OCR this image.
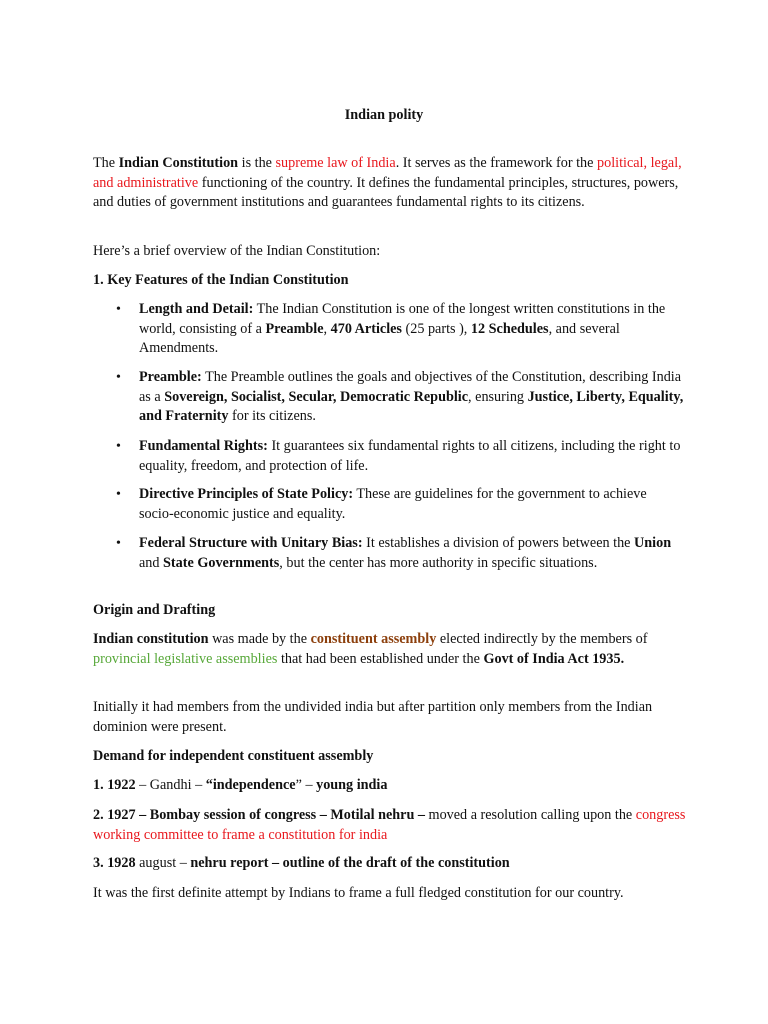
Indian polity
The Indian Constitution is the supreme law of India. It serves as the framework for the political, legal, and administrative functioning of the country. It defines the fundamental principles, structures, powers, and duties of government institutions and guarantees fundamental rights to its citizens.
Here’s a brief overview of the Indian Constitution:
1. Key Features of the Indian Constitution
• Length and Detail: The Indian Constitution is one of the longest written constitutions in the world, consisting of a Preamble, 470 Articles (25 parts ), 12 Schedules, and several Amendments.
• Preamble: The Preamble outlines the goals and objectives of the Constitution, describing India as a Sovereign, Socialist, Secular, Democratic Republic, ensuring Justice, Liberty, Equality, and Fraternity for its citizens.
• Fundamental Rights: It guarantees six fundamental rights to all citizens, including the right to equality, freedom, and protection of life.
• Directive Principles of State Policy: These are guidelines for the government to achieve socio-economic justice and equality.
• Federal Structure with Unitary Bias: It establishes a division of powers between the Union and State Governments, but the center has more authority in specific situations.
Origin and Drafting
Indian constitution was made by the constituent assembly elected indirectly by the members of provincial legislative assemblies that had been established under the Govt of India Act 1935.
Initially it had members from the undivided india but after partition only members from the Indian dominion were present.
Demand for independent constituent assembly
1. 1922 – Gandhi – “independence” – young india
2. 1927 – Bombay session of congress – Motilal nehru – moved a resolution calling upon the congress working committee to frame a constitution for india
3. 1928 august – nehru report – outline of the draft of the constitution
It was the first definite attempt by Indians to frame a full fledged constitution for our country.
